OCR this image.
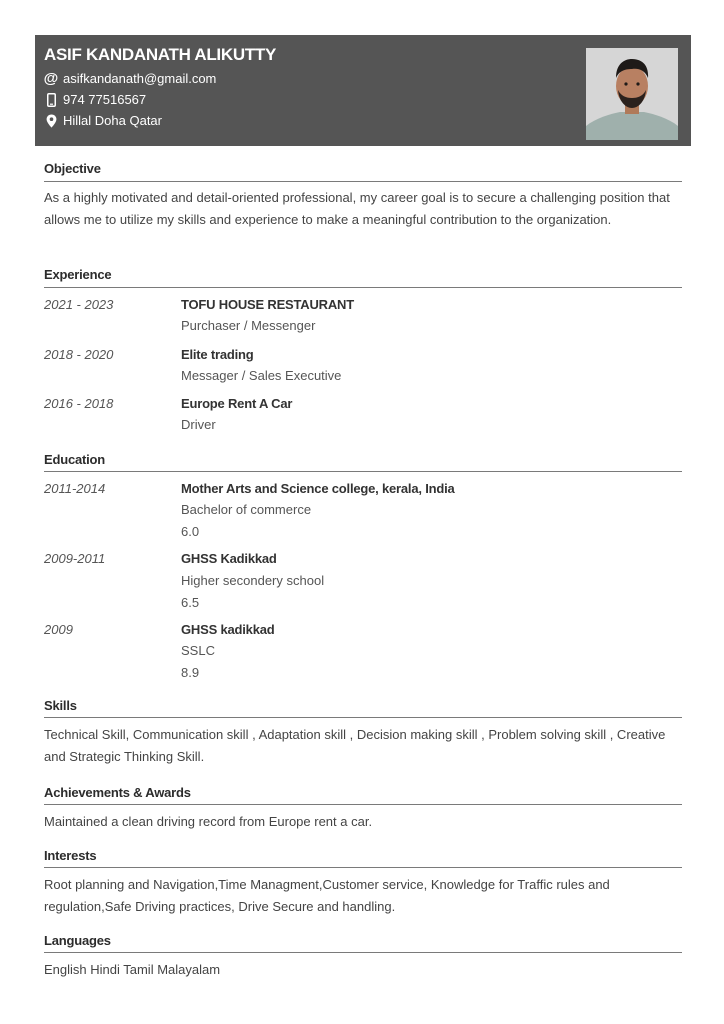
ASIF KANDANATH ALIKUTTY
@ asifkandanath@gmail.com
974 77516567
Hillal Doha Qatar
Objective
As a highly motivated and detail-oriented professional, my career goal is to secure a challenging position that allows me to utilize my skills and experience to make a meaningful contribution to the organization.
Experience
2021 - 2023	TOFU HOUSE RESTAURANT
Purchaser / Messenger
2018 - 2020	Elite trading
Messager / Sales Executive
2016 - 2018	Europe Rent A Car
Driver
Education
2011-2014	Mother Arts and Science college, kerala, India
Bachelor of commerce
6.0
2009-2011	GHSS Kadikkad
Higher secondery school
6.5
2009	GHSS kadikkad
SSLC
8.9
Skills
Technical Skill, Communication skill , Adaptation skill , Decision making skill , Problem solving skill , Creative and Strategic Thinking Skill.
Achievements & Awards
Maintained a clean driving record from Europe rent a car.
Interests
Root planning and Navigation,Time Managment,Customer service, Knowledge for Traffic rules and regulation,Safe Driving practices, Drive Secure and handling.
Languages
English Hindi Tamil Malayalam
